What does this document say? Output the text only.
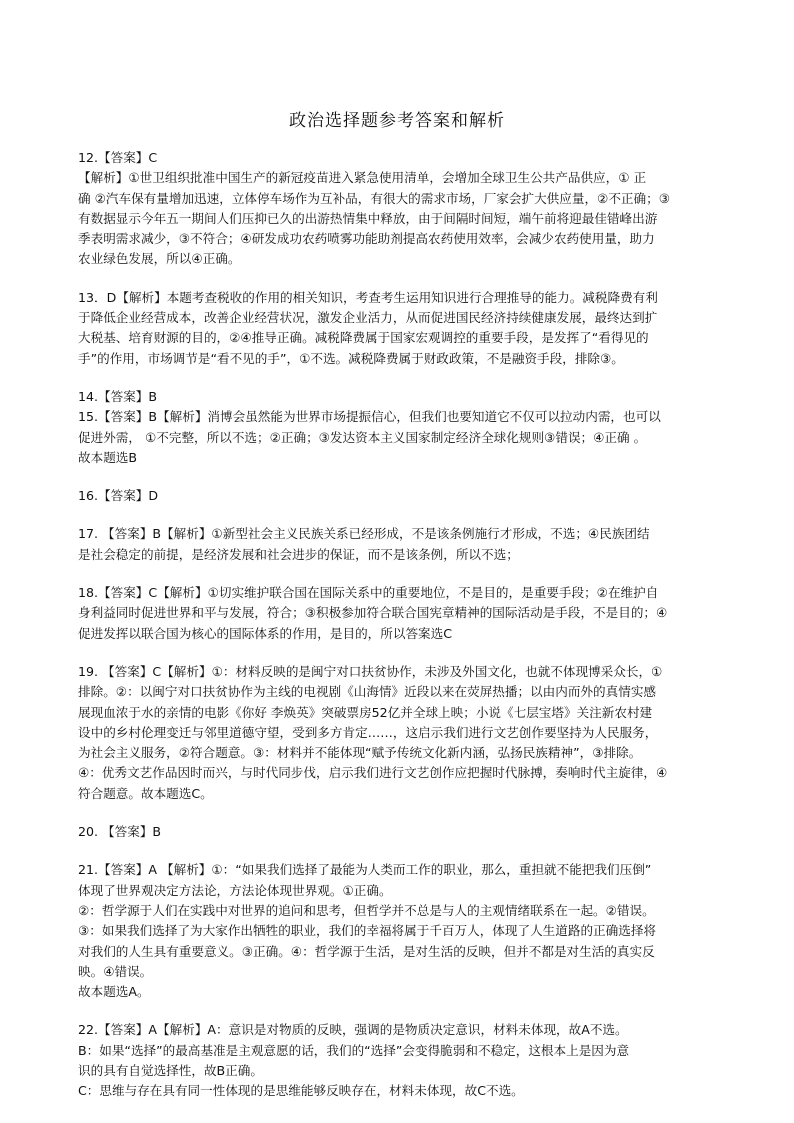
政治选择题参考答案和解析
12.【答案】C
【解析】①世卫组织批准中国生产的新冠疫苗进入紧急使用清单，会增加全球卫生公共产品供应，① 正
确 ②汽车保有量增加迅速，立体停车场作为互补品，有很大的需求市场，厂家会扩大供应量，②不正确；③
有数据显示今年五一期间人们压抑已久的出游热情集中释放，由于间隔时间短，端午前将迎最佳错峰出游
季表明需求减少，③不符合；④研发成功农药喷雾功能助剂提高农药使用效率，会减少农药使用量，助力
农业绿色发展，所以④正确。
13．D【解析】本题考查税收的作用的相关知识，考查考生运用知识进行合理推导的能力。减税降费有利
于降低企业经营成本，改善企业经营状况，激发企业活力，从而促进国民经济持续健康发展，最终达到扩
大税基、培育财源的目的，②④推导正确。减税降费属于国家宏观调控的重要手段，是发挥了“看得见的
手”的作用，市场调节是“看不见的手”，①不选。减税降费属于财政政策，不是融资手段，排除③。
14.【答案】B
15.【答案】B【解析】消博会虽然能为世界市场提振信心，但我们也要知道它不仅可以拉动内需，也可以
促进外需， ①不完整，所以不选；②正确；③发达资本主义国家制定经济全球化规则③错误；④正确 。
故本题选B
16.【答案】D
17. 【答案】B【解析】①新型社会主义民族关系已经形成，不是该条例施行才形成，不选；④民族团结
是社会稳定的前提，是经济发展和社会进步的保证，而不是该条例，所以不选；
18.【答案】C【解析】①切实维护联合国在国际关系中的重要地位，不是目的，是重要手段；②在维护自
身利益同时促进世界和平与发展，符合；③积极参加符合联合国宪章精神的国际活动是手段，不是目的；④
促进发挥以联合国为核心的国际体系的作用，是目的，所以答案选C
19. 【答案】C【解析】①：材料反映的是闽宁对口扶贫协作，未涉及外国文化，也就不体现博采众长，①
排除。②：以闽宁对口扶贫协作为主线的电视剧《山海情》近段以来在荧屏热播；以由内而外的真情实感
展现血浓于水的亲情的电影《你好 李焕英》突破票房52亿并全球上映；小说《七层宝塔》关注新农村建
设中的乡村伦理变迁与邻里道德守望，受到多方肯定……，这启示我们进行文艺创作要坚持为人民服务，
为社会主义服务，②符合题意。③：材料并不能体现“赋予传统文化新内涵，弘扬民族精神”，③排除。
④：优秀文艺作品因时而兴，与时代同步伐，启示我们进行文艺创作应把握时代脉搏，奏响时代主旋律，④
符合题意。故本题选C。
20. 【答案】B
21.【答案】A 【解析】①：“如果我们选择了最能为人类而工作的职业，那么，重担就不能把我们压倒”
体现了世界观决定方法论，方法论体现世界观。①正确。
②：哲学源于人们在实践中对世界的追问和思考，但哲学并不总是与人的主观情绪联系在一起。②错误。
③：如果我们选择了为大家作出牺牲的职业，我们的幸福将属于千百万人，体现了人生道路的正确选择将
对我们的人生具有重要意义。③正确。④：哲学源于生活，是对生活的反映，但并不都是对生活的真实反
映。④错误。
故本题选A。
22.【答案】A【解析】A：意识是对物质的反映，强调的是物质决定意识，材料未体现，故A不选。
B：如果“选择”的最高基准是主观意愿的话，我们的“选择”会变得脆弱和不稳定，这根本上是因为意
识的具有自觉选择性，故B正确。
C：思维与存在具有同一性体现的是思维能够反映存在，材料未体现，故C不选。
